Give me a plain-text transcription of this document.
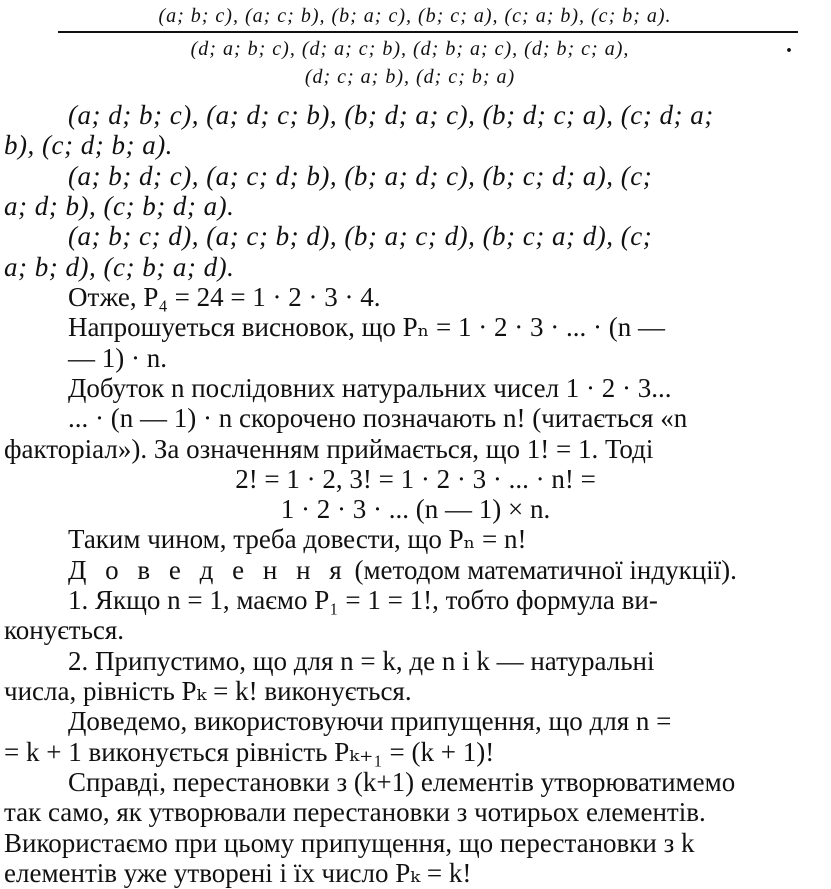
(a; b; c), (a; c; b), (b; a; c), (b; c; a), (c; a; b), (c; b; a).
(d; a; b; c), (d; a; c; b), (d; b; a; c), (d; b; c; a),
(d; c; a; b), (d; c; b; a)
.
(a; d; b; c), (a; d; c; b), (b; d; a; c), (b; d; c; a), (c; d; a;
b), (c; d; b; a).
(a; b; d; c), (a; c; d; b), (b; a; d; c), (b; c; d; a), (c;
a; d; b), (c; b; d; a).
(a; b; c; d), (a; c; b; d), (b; a; c; d), (b; c; a; d), (c;
a; b; d), (c; b; a; d).
Отже, P₄ = 24 = 1 · 2 · 3 · 4.
Напрошуеться висновок, що Pₙ = 1 · 2 · 3 · ... · (n —
— 1) · n.
Добуток n послідовних натуральних чисел 1 · 2 · 3...
... · (n — 1) · n скорочено позначають n! (читається «n
факторіал»). За означенням приймається, що 1! = 1. Тоді
2! = 1 · 2, 3! = 1 · 2 · 3 · ... · n! =
1 · 2 · 3 · ... (n — 1) × n.
Таким чином, треба довести, що Pₙ = n!
Д о в е д е н н я (методом математичної індукції).
1. Якщо n = 1, маємо P₁ = 1 = 1!, тобто формула ви-
конується.
2. Припустимо, що для n = k, де n і k — натуральні
числа, рівність Pₖ = k! виконується.
Доведемо, використовуючи припущення, що для n =
= k + 1 виконується рівність Pₖ₊₁ = (k + 1)!
Справді, перестановки з (k+1) елементів утворюватимемо
так само, як утворювали перестановки з чотирьох елементів.
Використаємо при цьому припущення, що перестановки з k
елементів уже утворені і їх число Pₖ = k!
